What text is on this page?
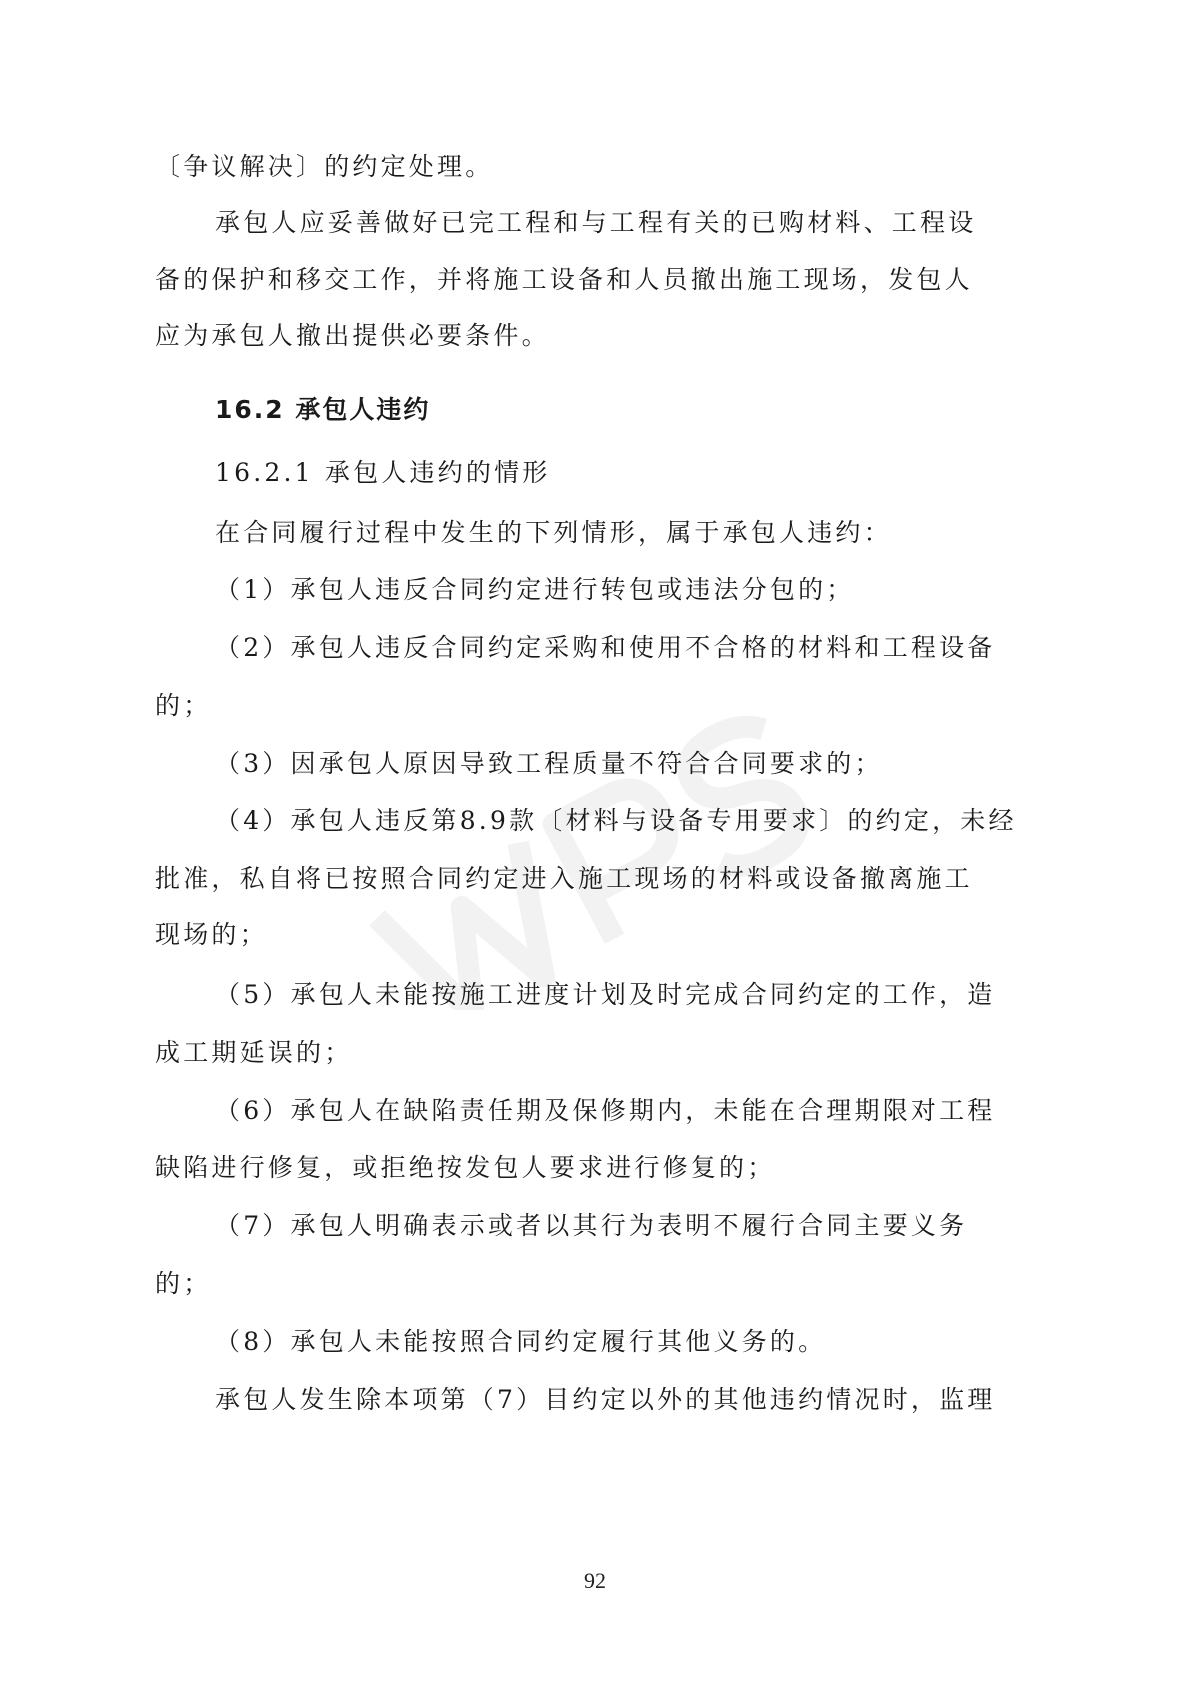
〔争议解决〕的约定处理。
承包人应妥善做好已完工程和与工程有关的已购材料、工程设
备的保护和移交工作，并将施工设备和人员撤出施工现场，发包人
应为承包人撤出提供必要条件。
16.2 承包人违约
16.2.1 承包人违约的情形
在合同履行过程中发生的下列情形，属于承包人违约：
（1）承包人违反合同约定进行转包或违法分包的；
（2）承包人违反合同约定采购和使用不合格的材料和工程设备
的；
（3）因承包人原因导致工程质量不符合合同要求的；
（4）承包人违反第8.9款〔材料与设备专用要求〕的约定，未经
批准，私自将已按照合同约定进入施工现场的材料或设备撤离施工
现场的；
（5）承包人未能按施工进度计划及时完成合同约定的工作，造
成工期延误的；
（6）承包人在缺陷责任期及保修期内，未能在合理期限对工程
缺陷进行修复，或拒绝按发包人要求进行修复的；
（7）承包人明确表示或者以其行为表明不履行合同主要义务
的；
（8）承包人未能按照合同约定履行其他义务的。
承包人发生除本项第（7）目约定以外的其他违约情况时，监理
92
